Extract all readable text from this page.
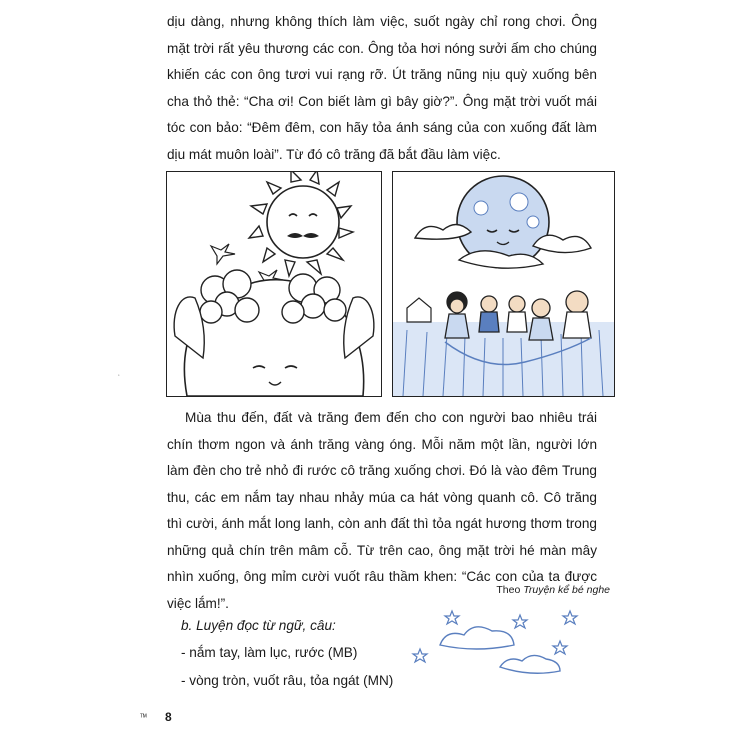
dịu dàng, nhưng không thích làm việc, suốt ngày chỉ rong chơi. Ông mặt trời rất yêu thương các con. Ông tỏa hơi nóng sưởi ấm cho chúng khiến các con ông tươi vui rạng rỡ. Út trăng nũng nịu quỳ xuống bên cha thỏ thẻ: “Cha ơi! Con biết làm gì bây giờ?”. Ông mặt trời vuốt mái tóc con bảo: “Đêm đêm, con hãy tỏa ánh sáng của con xuống đất làm dịu mát muôn loài”. Từ đó cô trăng đã bắt đầu làm việc.

Mùa thu đến, đất và trăng đem đến cho con người bao nhiêu trái chín thơm ngon và ánh trăng vàng óng. Mỗi năm một lần, người lớn làm đèn cho trẻ nhỏ đi rước cô trăng xuống chơi. Đó là vào đêm Trung thu, các em nắm tay nhau nhảy múa ca hát vòng quanh cô. Cô trăng thì cười, ánh mắt long lanh, còn anh đất thì tỏa ngát hương thơm trong những quả chín trên mâm cỗ. Từ trên cao, ông mặt trời hé màn mây nhìn xuống, ông mỉm cười vuốt râu thầm khen: “Các con của ta được việc lắm!”.

Theo Truyện kể bé nghe

b. Luyện đọc từ ngữ, câu:

- nắm tay, làm lục, rước (MB)

- vòng tròn, vuốt râu, tỏa ngát (MN)

ʻ

ᵀᴹ 8
